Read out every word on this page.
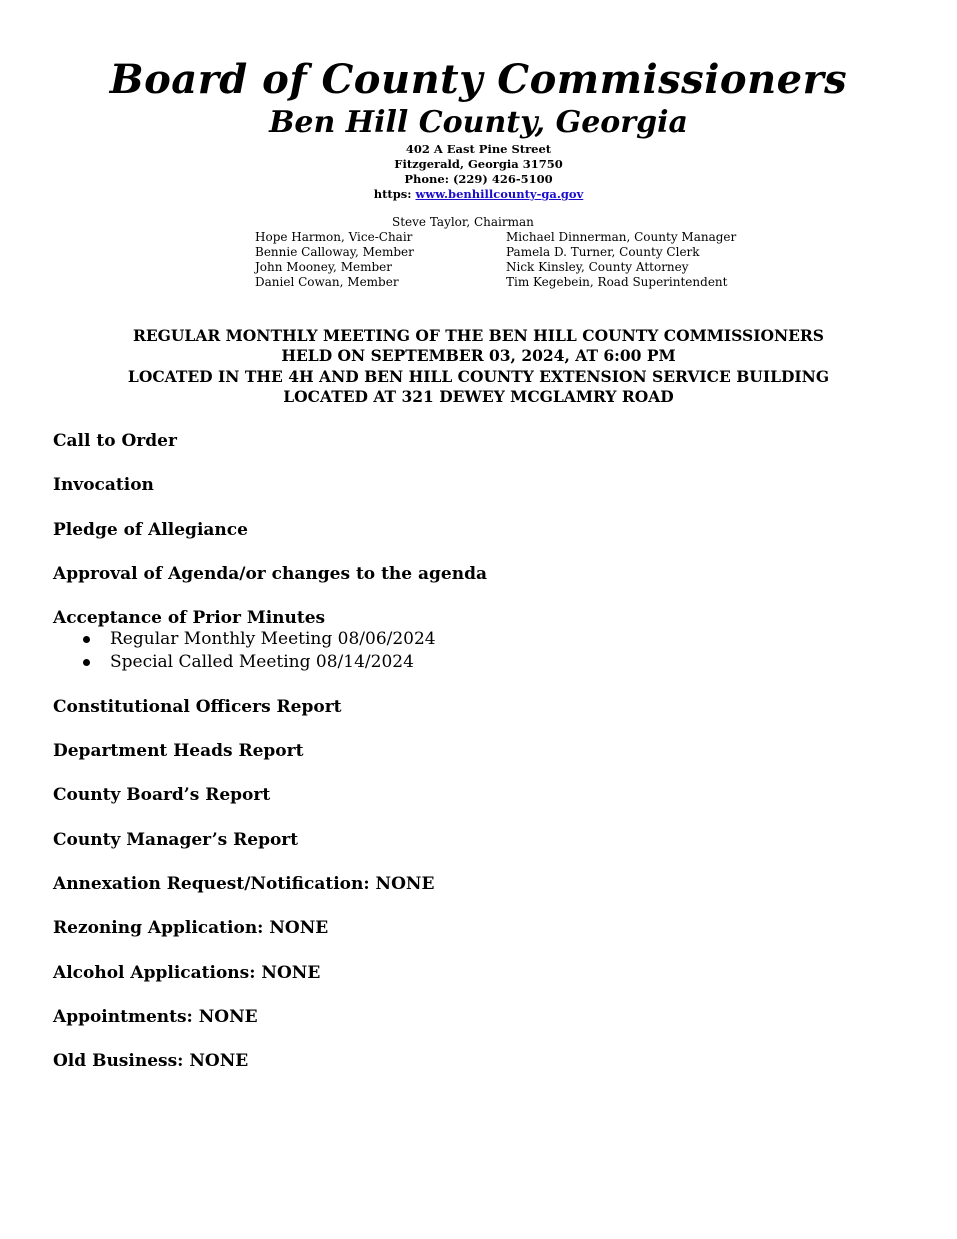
Board of County Commissioners
Ben Hill County, Georgia
402 A East Pine Street
Fitzgerald, Georgia 31750
Phone: (229) 426-5100
https: www.benhillcounty-ga.gov
Steve Taylor, Chairman
Hope Harmon, Vice-Chair
Bennie Calloway, Member
John Mooney, Member
Daniel Cowan, Member
Michael Dinnerman, County Manager
Pamela D. Turner, County Clerk
Nick Kinsley, County Attorney
Tim Kegebein, Road Superintendent
REGULAR MONTHLY MEETING OF THE BEN HILL COUNTY COMMISSIONERS
HELD ON SEPTEMBER 03, 2024, AT 6:00 PM
LOCATED IN THE 4H AND BEN HILL COUNTY EXTENSION SERVICE BUILDING
LOCATED AT 321 DEWEY MCGLAMRY ROAD
Call to Order
Invocation
Pledge of Allegiance
Approval of Agenda/or changes to the agenda
Acceptance of Prior Minutes
Regular Monthly Meeting 08/06/2024
Special Called Meeting 08/14/2024
Constitutional Officers Report
Department Heads Report
County Board’s Report
County Manager’s Report
Annexation Request/Notification: NONE
Rezoning Application: NONE
Alcohol Applications: NONE
Appointments: NONE
Old Business: NONE
